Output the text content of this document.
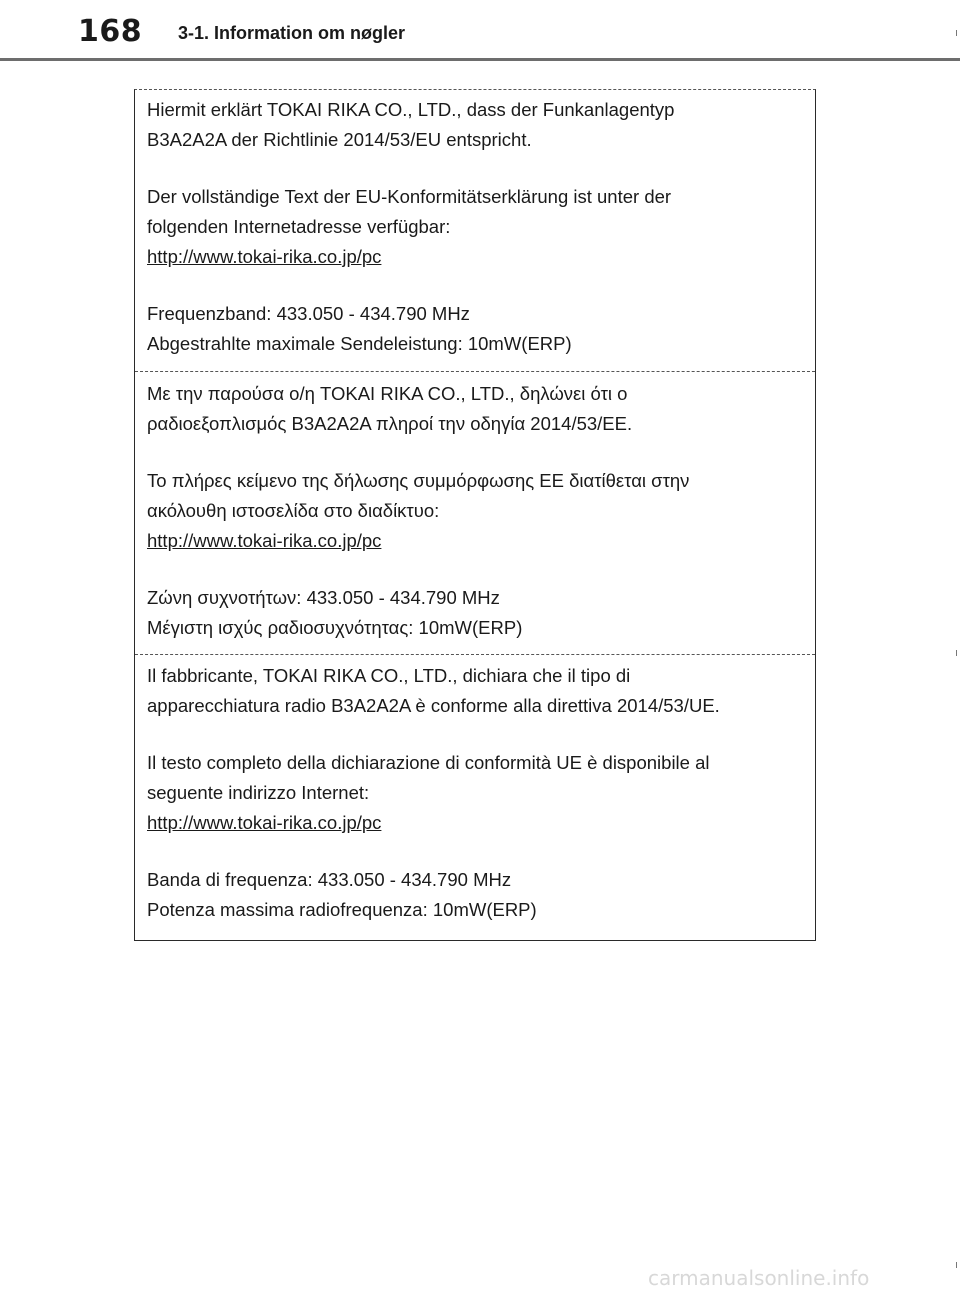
168 3-1. Information om nøgler

Hiermit erklärt TOKAI RIKA CO., LTD., dass der Funkanlagentyp
B3A2A2A der Richtlinie 2014/53/EU entspricht.

Der vollständige Text der EU-Konformitätserklärung ist unter der
folgenden Internetadresse verfügbar:
http://www.tokai-rika.co.jp/pc

Frequenzband: 433.050 - 434.790 MHz
Abgestrahlte maximale Sendeleistung: 10mW(ERP)

Με την παρούσα ο/η TOKAI RIKA CO., LTD., δηλώνει ότι ο
ραδιοεξοπλισμός B3A2A2A πληροί την οδηγία 2014/53/ΕΕ.

Το πλήρες κείμενο της δήλωσης συμμόρφωσης ΕΕ διατίθεται στην
ακόλουθη ιστοσελίδα στο διαδίκτυο:
http://www.tokai-rika.co.jp/pc

Ζώνη συχνοτήτων: 433.050 - 434.790 MHz
Μέγιστη ισχύς ραδιοσυχνότητας: 10mW(ERP)

Il fabbricante, TOKAI RIKA CO., LTD., dichiara che il tipo di
apparecchiatura radio B3A2A2A è conforme alla direttiva 2014/53/UE.

Il testo completo della dichiarazione di conformità UE è disponibile al
seguente indirizzo Internet:
http://www.tokai-rika.co.jp/pc

Banda di frequenza: 433.050 - 434.790 MHz
Potenza massima radiofrequenza: 10mW(ERP)

carmanualsonline.info
